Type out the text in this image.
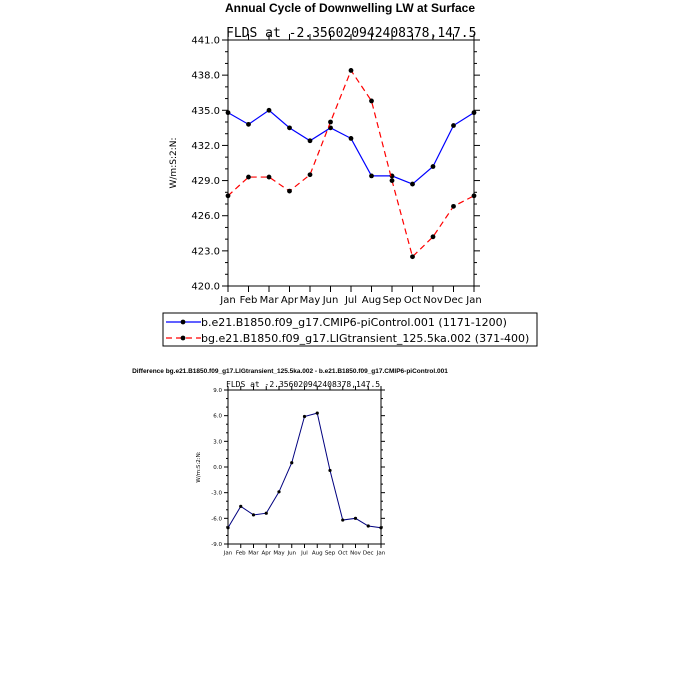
Annual Cycle of Downwelling LW at Surface
FLDS at -2.356020942408378,147.5
420.0
423.0
426.0
429.0
432.0
435.0
438.0
441.0
Jan Feb Mar Apr May Jun Jul Aug Sep Oct Nov Dec Jan
W/m:S:2:N:
Difference bg.e21.B1850.f09_g17.LIGtransient_125.5ka.002 - b.e21.B1850.f09_g17.CMIP6-piControl.001
FLDS at -2.356020942408378,147.5
-9.0
-6.0
-3.0
0.0
3.0
6.0
9.0
Jan Feb Mar Apr May Jun Jul Aug Sep Oct Nov Dec Jan
W/m:S:2:N:
b.e21.B1850.f09_g17.CMIP6-piControl.001 (1171-1200)
bg.e21.B1850.f09_g17.LIGtransient_125.5ka.002 (371-400)
